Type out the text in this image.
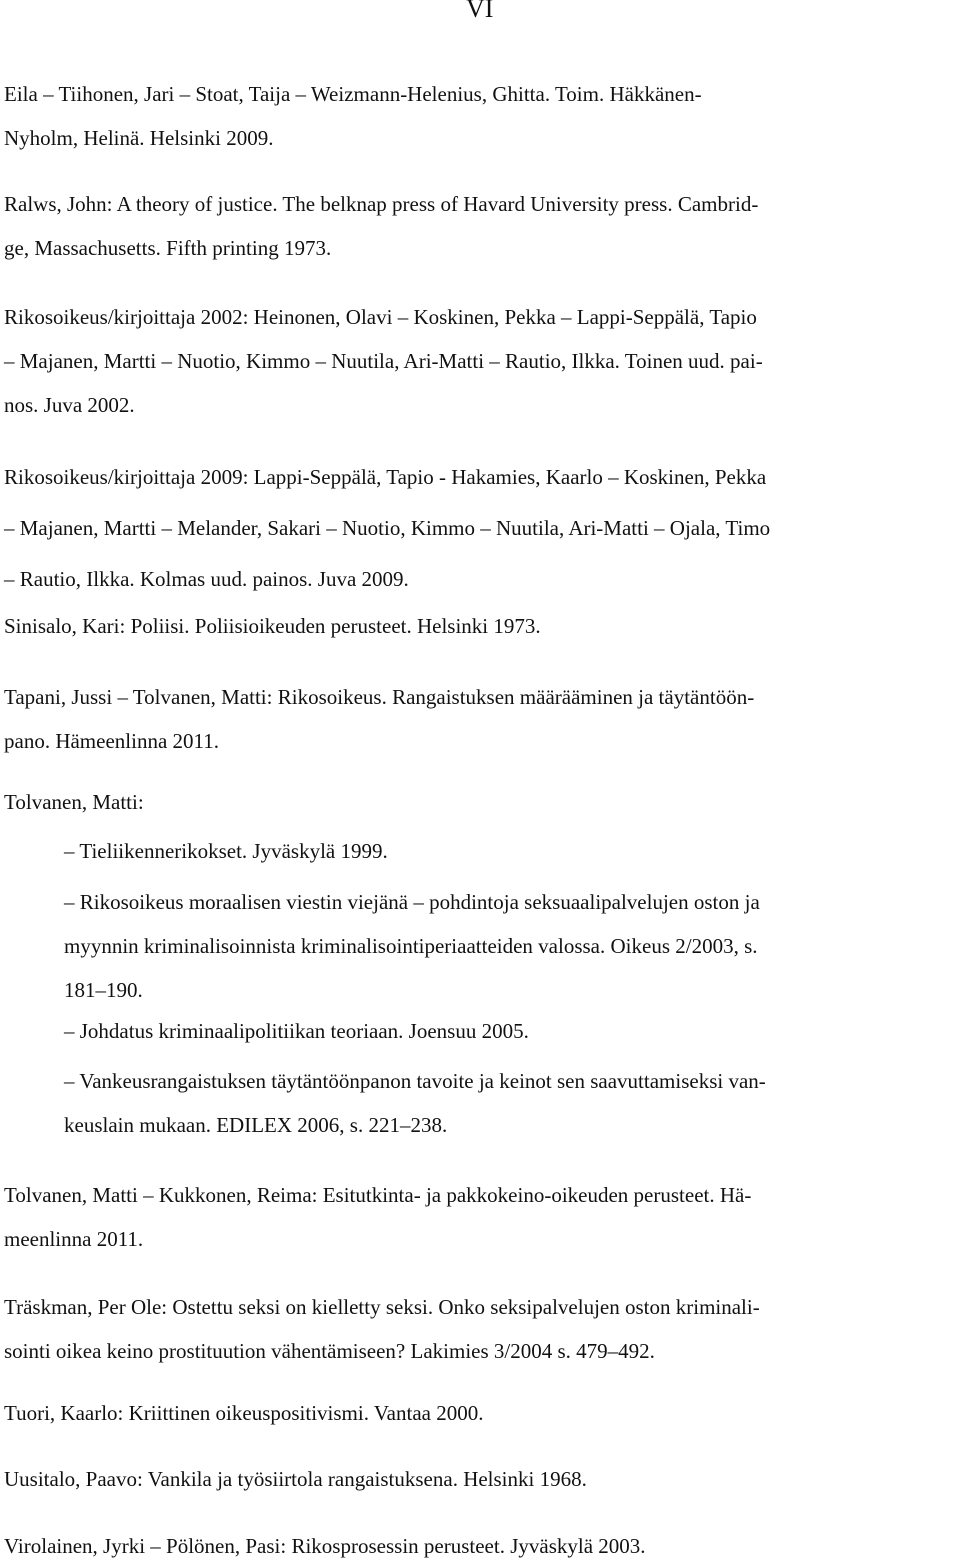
VI
Eila – Tiihonen, Jari – Stoat, Taija – Weizmann-Helenius, Ghitta. Toim. Häkkänen-
Nyholm, Helinä. Helsinki 2009.
Ralws, John: A theory of justice. The belknap press of Havard University press. Cambrid-
ge, Massachusetts. Fifth printing 1973.
Rikosoikeus/kirjoittaja 2002: Heinonen, Olavi – Koskinen, Pekka – Lappi-Seppälä, Tapio
– Majanen, Martti – Nuotio, Kimmo – Nuutila, Ari-Matti – Rautio, Ilkka. Toinen uud. pai-
nos. Juva 2002.
Rikosoikeus/kirjoittaja 2009: Lappi-Seppälä, Tapio - Hakamies, Kaarlo – Koskinen, Pekka
– Majanen, Martti – Melander, Sakari – Nuotio, Kimmo – Nuutila, Ari-Matti – Ojala, Timo
– Rautio, Ilkka. Kolmas uud. painos. Juva 2009.
Sinisalo, Kari: Poliisi. Poliisioikeuden perusteet. Helsinki 1973.
Tapani, Jussi – Tolvanen, Matti: Rikosoikeus. Rangaistuksen määrääminen ja täytäntöön-
pano. Hämeenlinna 2011.
Tolvanen, Matti:
– Tieliikennerikokset. Jyväskylä 1999.
– Rikosoikeus moraalisen viestin viejänä – pohdintoja seksuaalipalvelujen oston ja
myynnin kriminalisoinnista kriminalisointiperiaatteiden valossa. Oikeus 2/2003, s.
181–190.
– Johdatus kriminaalipolitiikan teoriaan. Joensuu 2005.
– Vankeusrangaistuksen täytäntöönpanon tavoite ja keinot sen saavuttamiseksi van-
keuslain mukaan. EDILEX 2006, s. 221–238.
Tolvanen, Matti – Kukkonen, Reima: Esitutkinta- ja pakkokeino-oikeuden perusteet. Hä-
meenlinna 2011.
Träskman, Per Ole: Ostettu seksi on kielletty seksi. Onko seksipalvelujen oston kriminali-
sointi oikea keino prostituution vähentämiseen? Lakimies 3/2004 s. 479–492.
Tuori, Kaarlo: Kriittinen oikeuspositivismi. Vantaa 2000.
Uusitalo, Paavo: Vankila ja työsiirtola rangaistuksena. Helsinki 1968.
Virolainen, Jyrki – Pölönen, Pasi: Rikosprosessin perusteet. Jyväskylä 2003.
